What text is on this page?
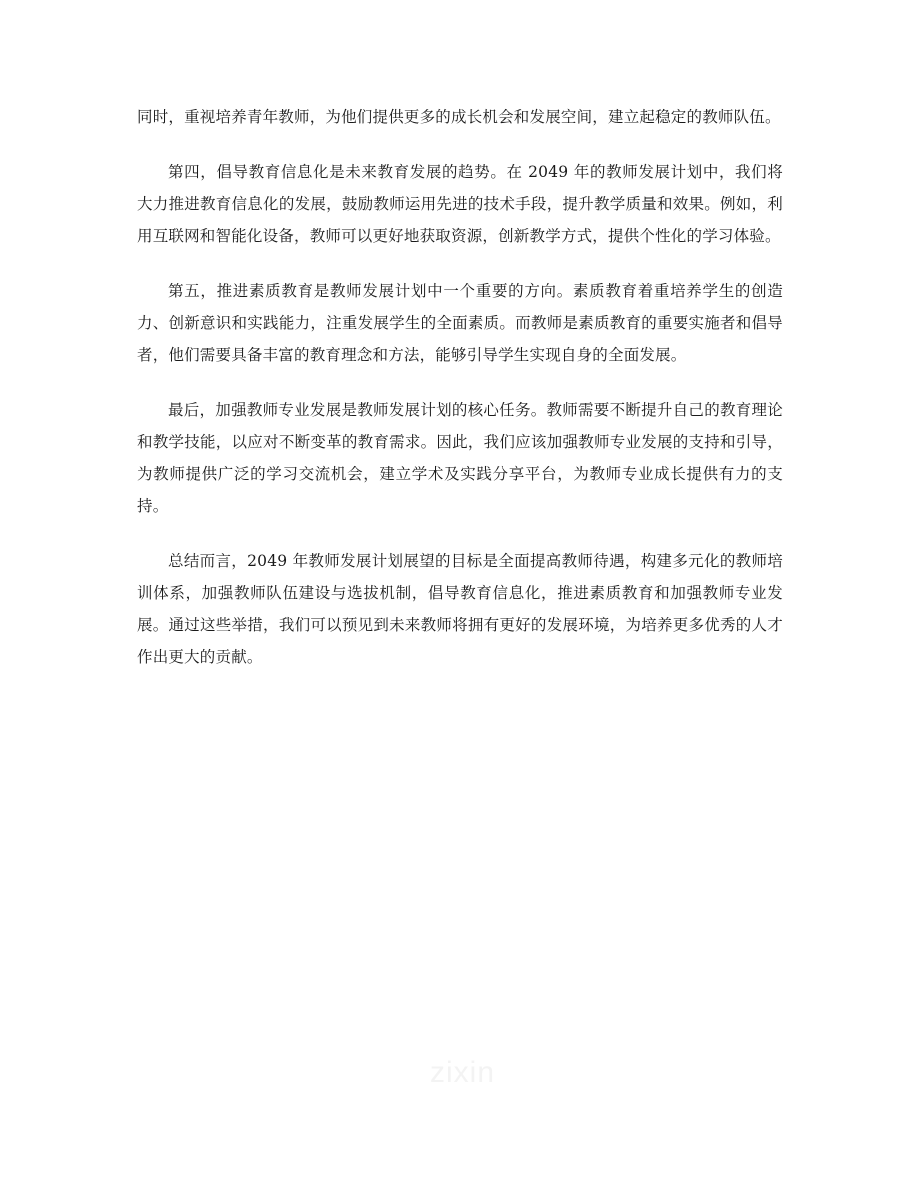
同时，重视培养青年教师，为他们提供更多的成长机会和发展空间，建立起稳定的教师队伍。

第四，倡导教育信息化是未来教育发展的趋势。在 2049 年的教师发展计划中，我们将大力推进教育信息化的发展，鼓励教师运用先进的技术手段，提升教学质量和效果。例如，利用互联网和智能化设备，教师可以更好地获取资源，创新教学方式，提供个性化的学习体验。

第五，推进素质教育是教师发展计划中一个重要的方向。素质教育着重培养学生的创造力、创新意识和实践能力，注重发展学生的全面素质。而教师是素质教育的重要实施者和倡导者，他们需要具备丰富的教育理念和方法，能够引导学生实现自身的全面发展。

最后，加强教师专业发展是教师发展计划的核心任务。教师需要不断提升自己的教育理论和教学技能，以应对不断变革的教育需求。因此，我们应该加强教师专业发展的支持和引导，为教师提供广泛的学习交流机会，建立学术及实践分享平台，为教师专业成长提供有力的支持。

总结而言，2049 年教师发展计划展望的目标是全面提高教师待遇，构建多元化的教师培训体系，加强教师队伍建设与选拔机制，倡导教育信息化，推进素质教育和加强教师专业发展。通过这些举措，我们可以预见到未来教师将拥有更好的发展环境，为培养更多优秀的人才作出更大的贡献。

zixin
